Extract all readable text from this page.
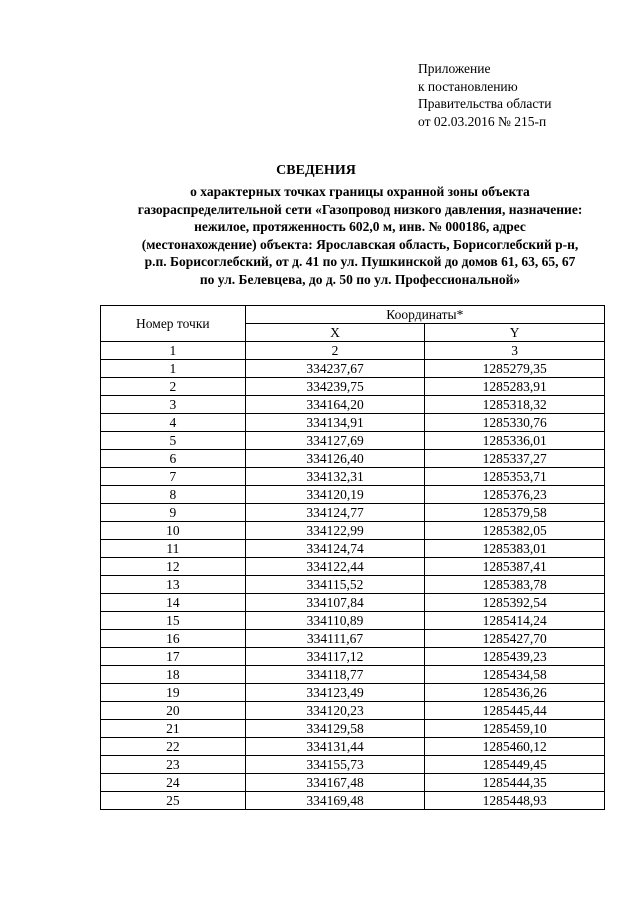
Приложение
к постановлению
Правительства области
от 02.03.2016 № 215-п
СВЕДЕНИЯ
о характерных точках границы охранной зоны объекта
газораспределительной сети «Газопровод низкого давления, назначение:
нежилое, протяженность 602,0 м, инв. № 000186, адрес
(местонахождение) объекта: Ярославская область, Борисоглебский р-н,
р.п. Борисоглебский, от д. 41 по ул. Пушкинской до домов 61, 63, 65, 67
по ул. Белевцева, до д. 50 по ул. Профессиональной»
Номер точки	Координаты*	
	X	Y
1	2	3
1	334237,67	1285279,35
2	334239,75	1285283,91
3	334164,20	1285318,32
4	334134,91	1285330,76
5	334127,69	1285336,01
6	334126,40	1285337,27
7	334132,31	1285353,71
8	334120,19	1285376,23
9	334124,77	1285379,58
10	334122,99	1285382,05
11	334124,74	1285383,01
12	334122,44	1285387,41
13	334115,52	1285383,78
14	334107,84	1285392,54
15	334110,89	1285414,24
16	334111,67	1285427,70
17	334117,12	1285439,23
18	334118,77	1285434,58
19	334123,49	1285436,26
20	334120,23	1285445,44
21	334129,58	1285459,10
22	334131,44	1285460,12
23	334155,73	1285449,45
24	334167,48	1285444,35
25	334169,48	1285448,93
